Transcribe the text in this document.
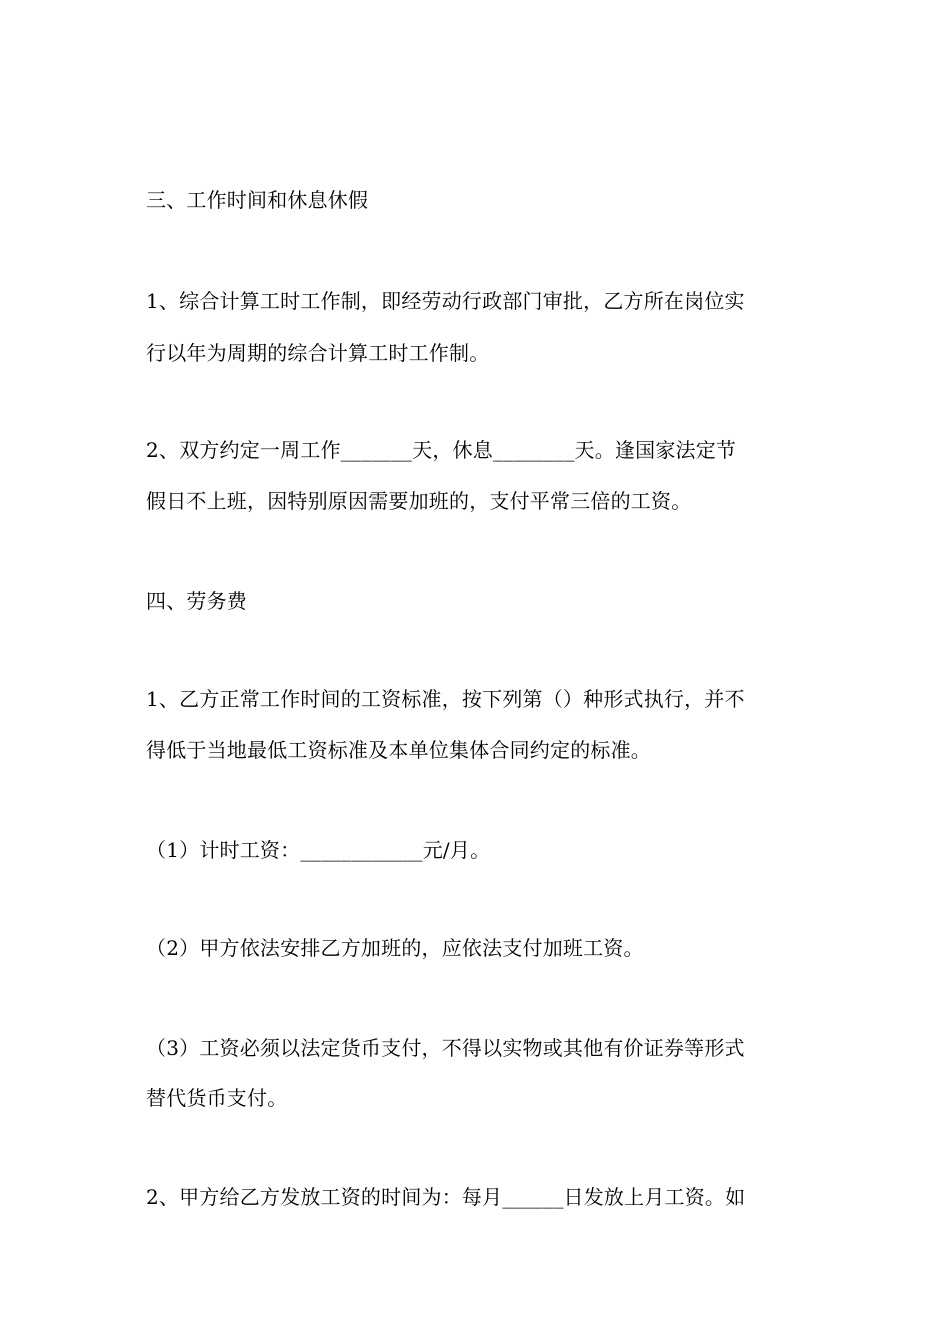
三、工作时间和休息休假
1、综合计算工时工作制，即经劳动行政部门审批，乙方所在岗位实
行以年为周期的综合计算工时工作制。
2、双方约定一周工作_______天，休息________天。逢国家法定节
假日不上班，因特别原因需要加班的，支付平常三倍的工资。
四、劳务费
1、乙方正常工作时间的工资标准，按下列第（）种形式执行，并不
得低于当地最低工资标准及本单位集体合同约定的标准。
（1）计时工资：____________元/月。
（2）甲方依法安排乙方加班的，应依法支付加班工资。
（3）工资必须以法定货币支付，不得以实物或其他有价证券等形式
替代货币支付。
2、甲方给乙方发放工资的时间为：每月______日发放上月工资。如
